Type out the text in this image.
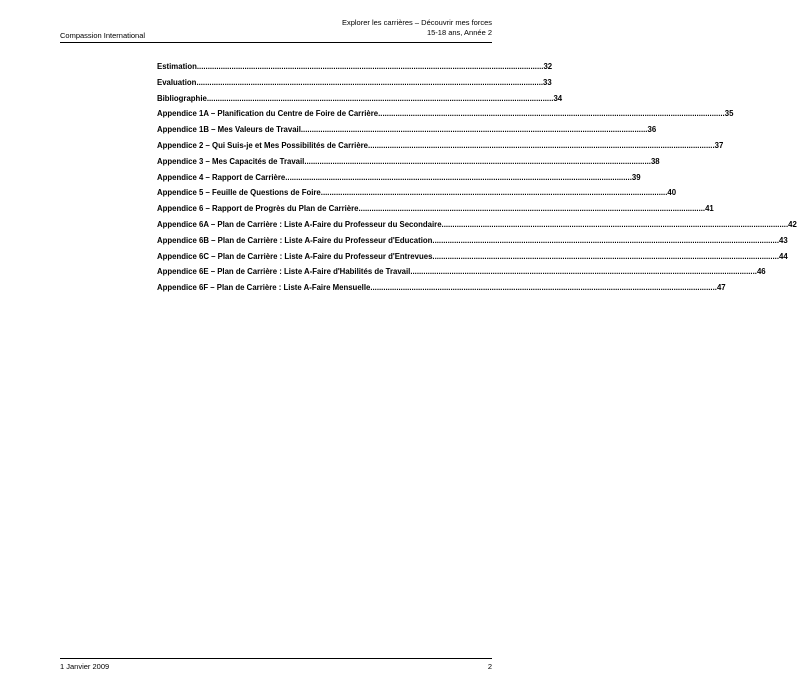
Compassion International
Explorer les carrières – Découvrir mes forces
15-18 ans, Année 2
Estimation .....	32
Evaluation .....	33
Bibliographie .....	34
Appendice 1A – Planification du Centre de Foire de Carrière .....	35
Appendice 1B – Mes Valeurs de Travail .....	36
Appendice 2 – Qui Suis-je et Mes Possibilités de Carrière .....	37
Appendice 3 – Mes Capacités de Travail .....	38
Appendice 4 – Rapport de Carrière .....	39
Appendice 5 – Feuille de Questions de Foire .....	40
Appendice 6 – Rapport de Progrès du Plan de Carrière .....	41
Appendice 6A – Plan de Carrière : Liste A-Faire du Professeur du Secondaire .....	42
Appendice 6B – Plan de Carrière : Liste A-Faire du Professeur d'Education .....	43
Appendice 6C – Plan de Carrière : Liste A-Faire du Professeur d'Entrevues .....	44
Appendice 6E – Plan de Carrière : Liste A-Faire d'Habilités de Travail .....	46
Appendice 6F – Plan de Carrière : Liste A-Faire Mensuelle .....	47
1 Janvier 2009	2
